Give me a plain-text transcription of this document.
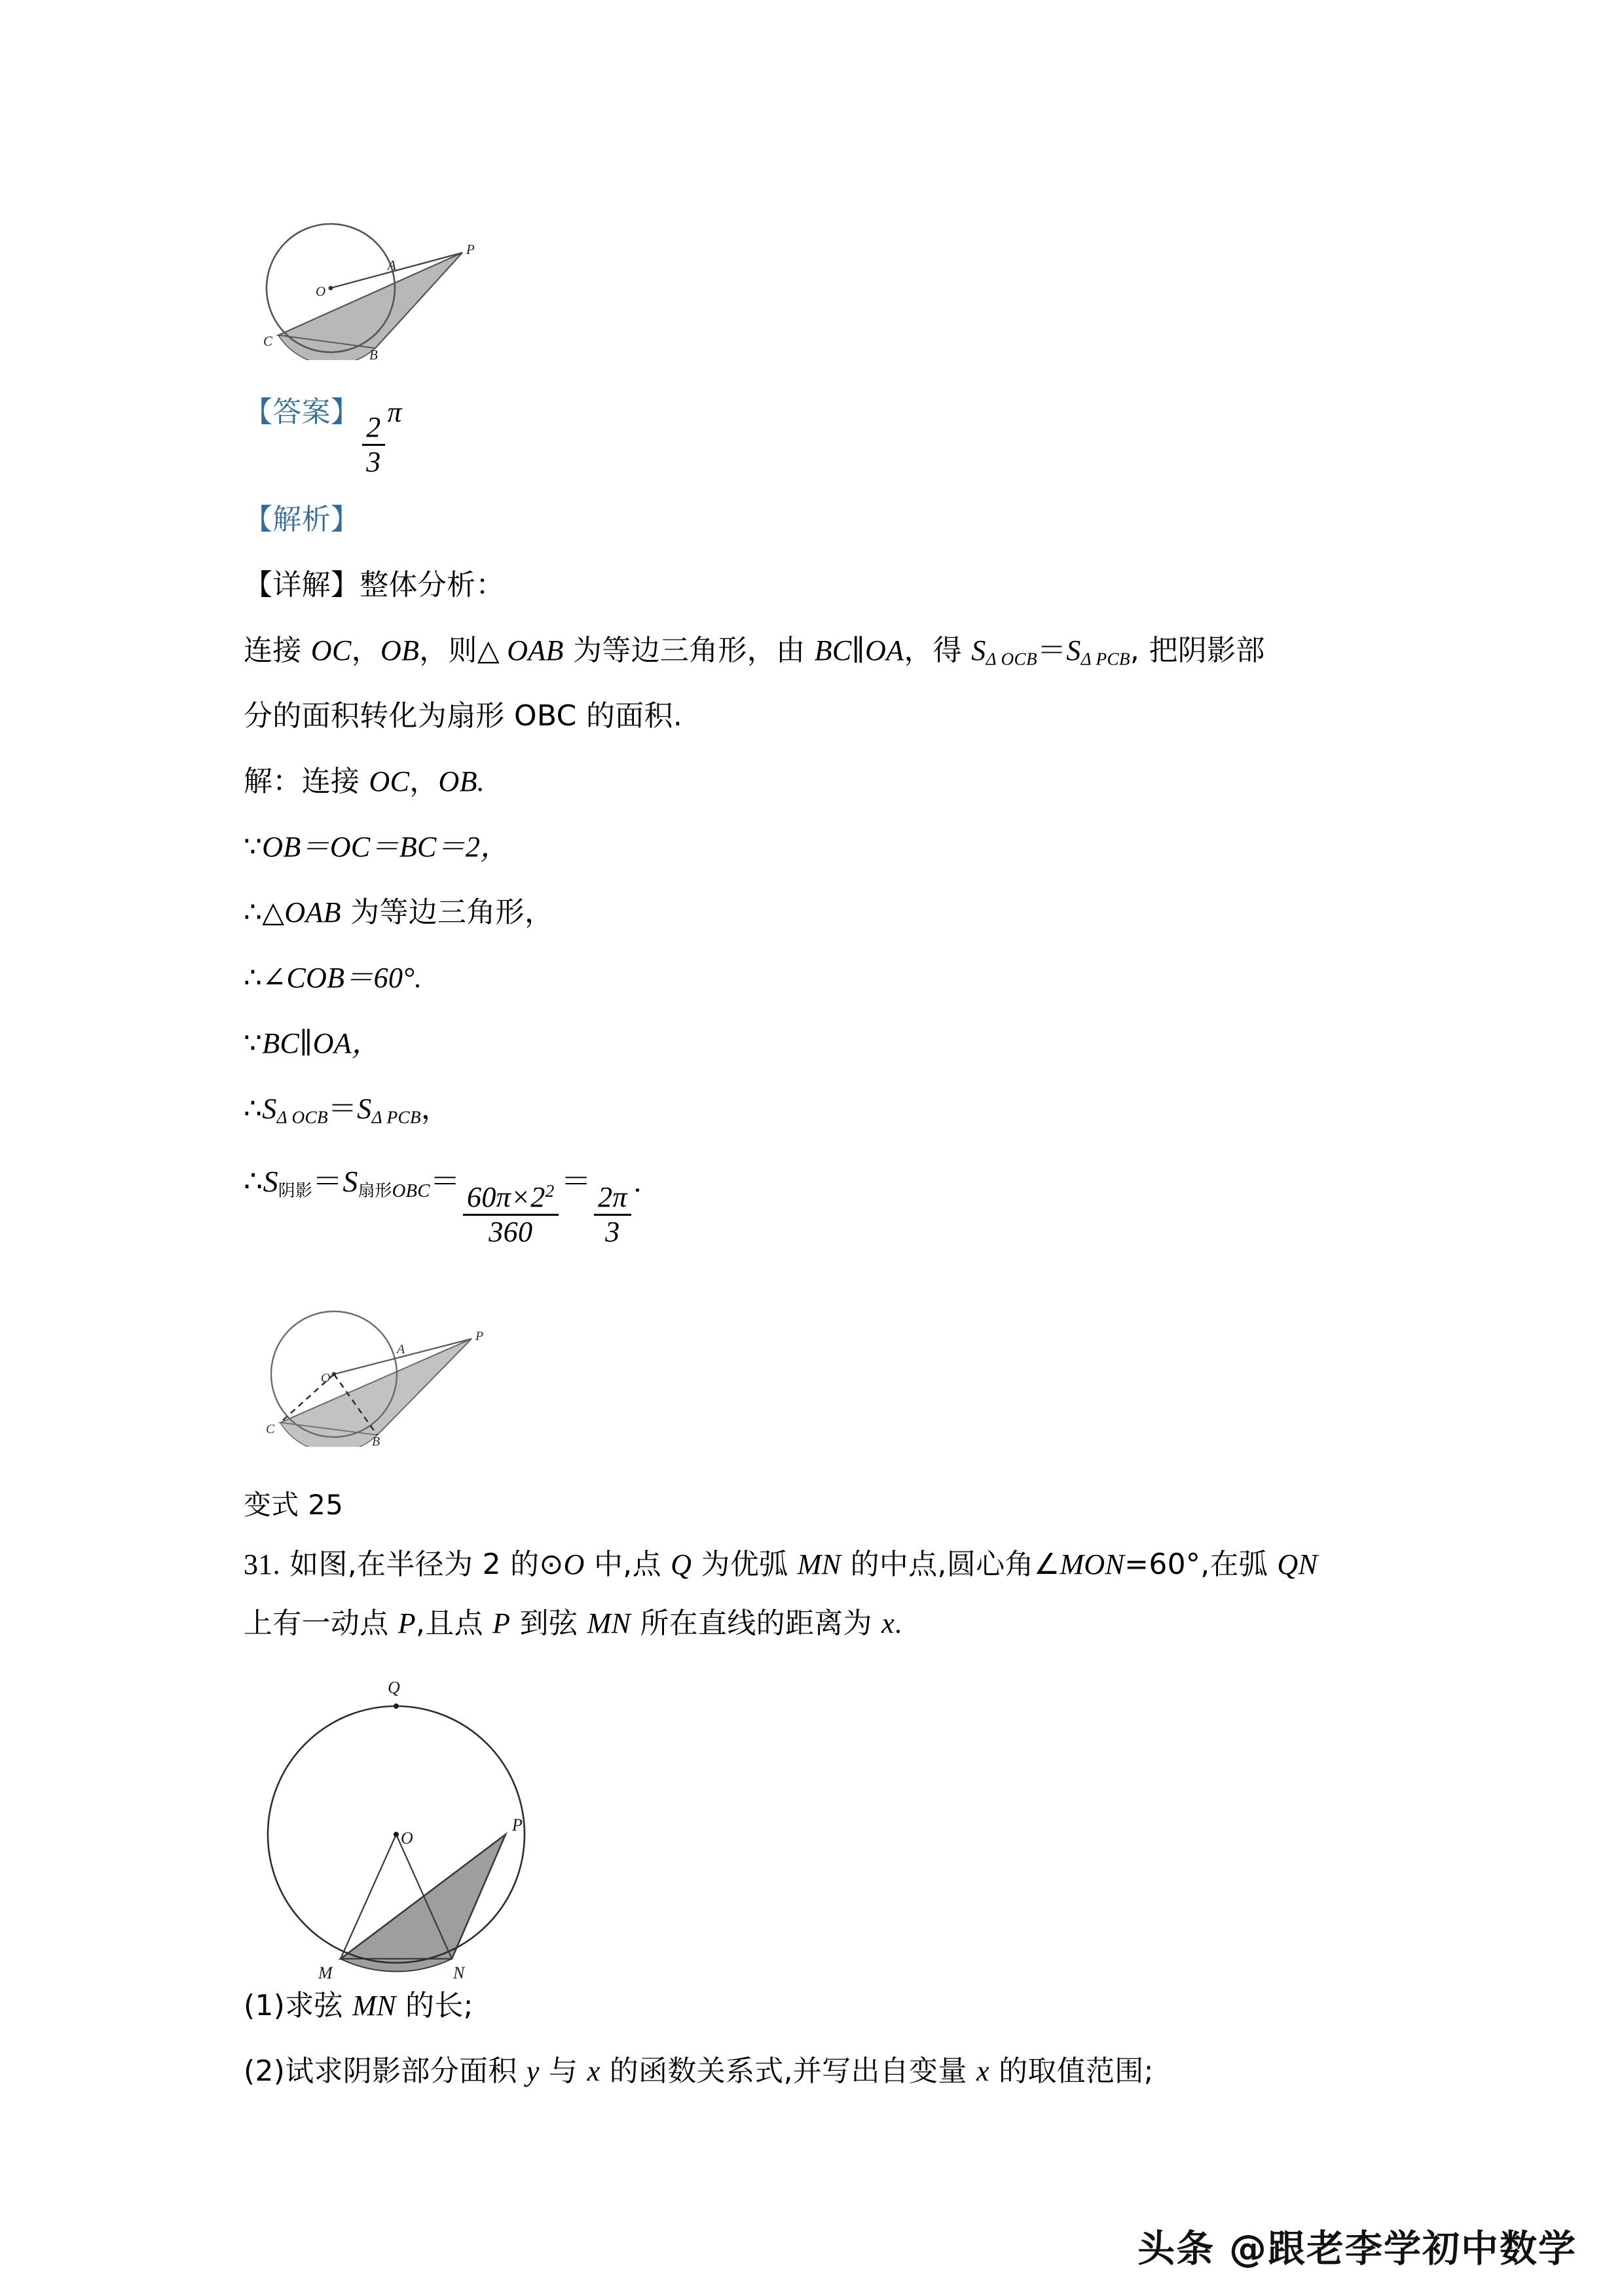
O
A
P
B
C
【答案】
$\frac{2}{3}$
π
【解析】
【详解】整体分析：
连接 OC，OB，则△ OAB 为等边三角形，由 BC∥OA，得 $S_{\Delta OCB}=S_{\Delta PCB}$, 把阴影部
分的面积转化为扇形 OBC 的面积.
解：连接 OC，OB.
∵OB＝OC＝BC＝2，
∴△OAB 为等边三角形，
∴∠COB＝60°.
∵BC∥OA，
$\therefore S_{\Delta OCB}=S_{\Delta PCB}$，
∴S阴影＝S扇形$_{OBC}$＝
$\frac{60\pi\times 2^2}{360}$
＝
$\frac{2\pi}{3}$
.
O
A
P
B
C
变式 25
31. 如图,在半径为 2 的⊙O 中,点 Q 为优弧 MN 的中点,圆心角∠MON=60°,在弧 QN
上有一动点 P,且点 P 到弦 MN 所在直线的距离为 x.
Q
O
P
M	N
(1)求弦 MN 的长;
(2)试求阴影部分面积 y 与 x 的函数关系式,并写出自变量 x 的取值范围;
头条 @跟老李学初中数学
